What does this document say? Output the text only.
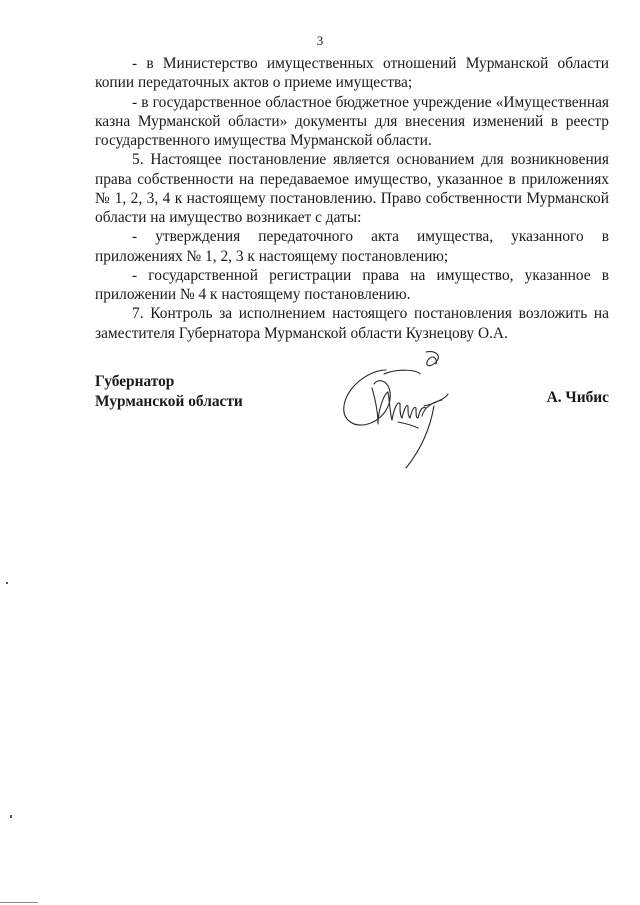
3

- в Министерство имущественных отношений Мурманской области копии передаточных актов о приеме имущества;

- в государственное областное бюджетное учреждение «Имущественная казна Мурманской области» документы для внесения изменений в реестр государственного имущества Мурманской области.

5. Настоящее постановление является основанием для возникновения права собственности на передаваемое имущество, указанное в приложениях № 1, 2, 3, 4 к настоящему постановлению. Право собственности Мурманской области на имущество возникает с даты:

- утверждения передаточного акта имущества, указанного в приложениях № 1, 2, 3 к настоящему постановлению;

- государственной регистрации права на имущество, указанное в приложении № 4 к настоящему постановлению.

7. Контроль за исполнением настоящего постановления возложить на заместителя Губернатора Мурманской области Кузнецову О.А.

Губернатор
Мурманской области	А. Чибис
